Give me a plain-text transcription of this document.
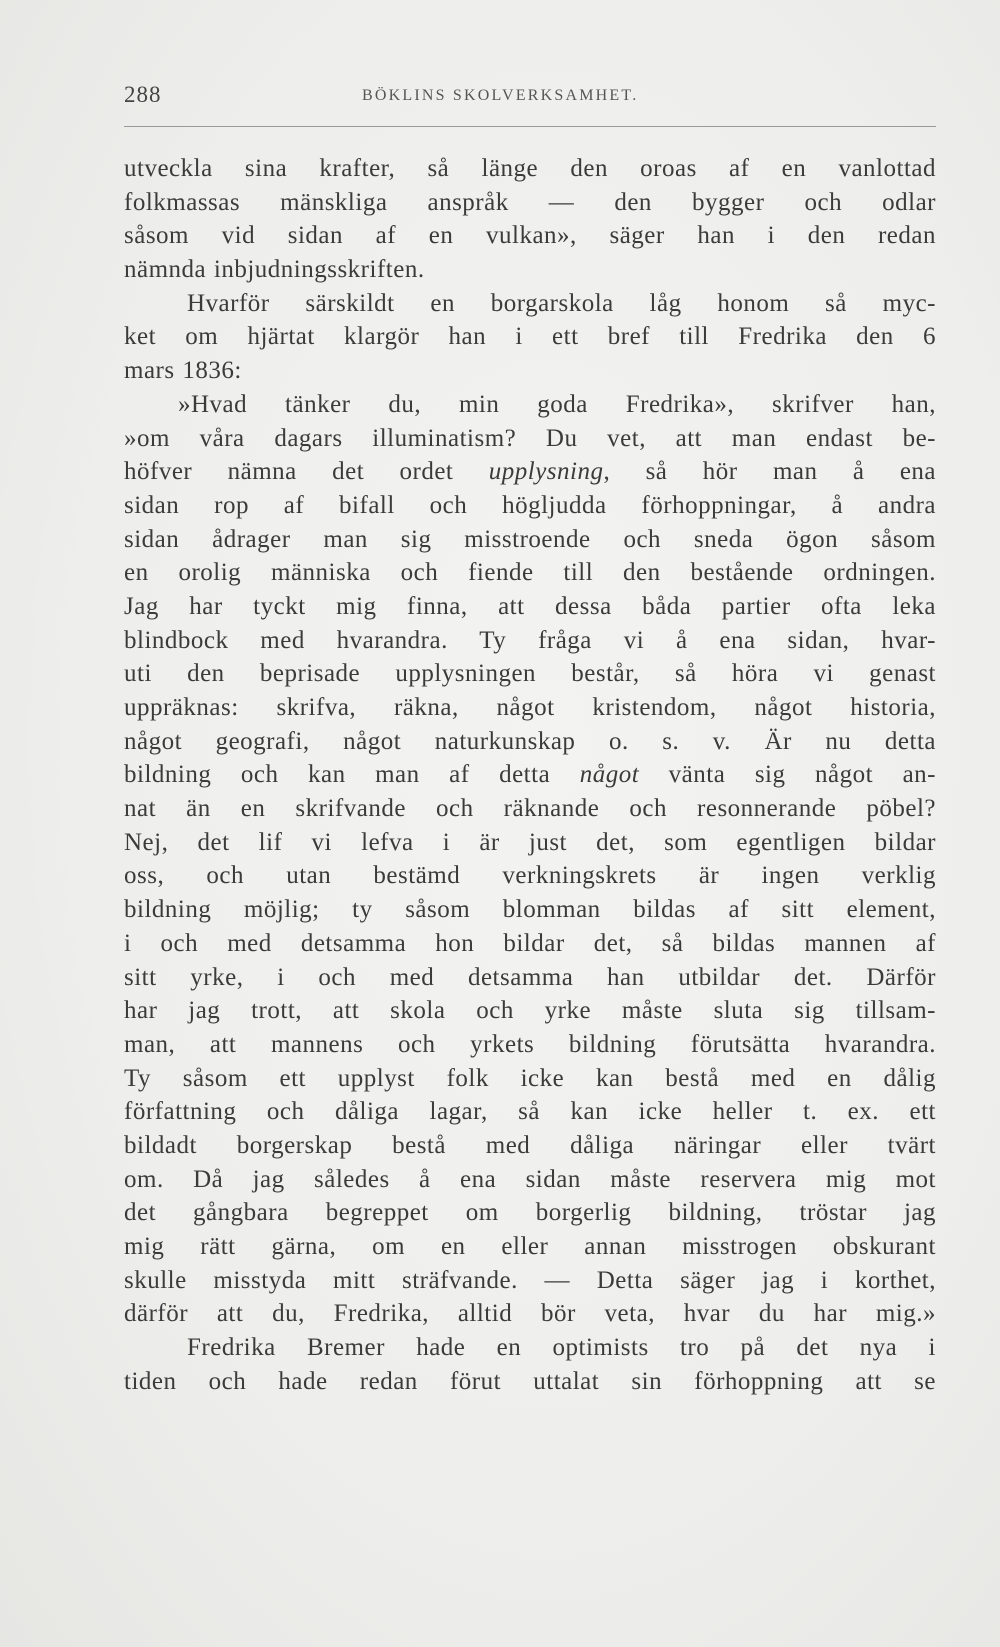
288	BÖKLINS SKOLVERKSAMHET.
utveckla sina krafter, så länge den oroas af en vanlottad
folkmassas mänskliga anspråk — den bygger och odlar
såsom vid sidan af en vulkan», säger han i den redan
nämnda inbjudningsskriften.
Hvarför särskildt en borgarskola låg honom så myc-
ket om hjärtat klargör han i ett bref till Fredrika den 6
mars 1836:
»Hvad tänker du, min goda Fredrika», skrifver han,
»om våra dagars illuminatism? Du vet, att man endast be-
höfver nämna det ordet upplysning, så hör man å ena
sidan rop af bifall och högljudda förhoppningar, å andra
sidan ådrager man sig misstroende och sneda ögon såsom
en orolig människa och fiende till den bestående ordningen.
Jag har tyckt mig finna, att dessa båda partier ofta leka
blindbock med hvarandra. Ty fråga vi å ena sidan, hvar-
uti den beprisade upplysningen består, så höra vi genast
uppräknas: skrifva, räkna, något kristendom, något historia,
något geografi, något naturkunskap o. s. v. Är nu detta
bildning och kan man af detta något vänta sig något an-
nat än en skrifvande och räknande och resonnerande pöbel?
Nej, det lif vi lefva i är just det, som egentligen bildar
oss, och utan bestämd verkningskrets är ingen verklig
bildning möjlig; ty såsom blomman bildas af sitt element,
i och med detsamma hon bildar det, så bildas mannen af
sitt yrke, i och med detsamma han utbildar det. Därför
har jag trott, att skola och yrke måste sluta sig tillsam-
man, att mannens och yrkets bildning förutsätta hvarandra.
Ty såsom ett upplyst folk icke kan bestå med en dålig
författning och dåliga lagar, så kan icke heller t. ex. ett
bildadt borgerskap bestå med dåliga näringar eller tvärt
om. Då jag således å ena sidan måste reservera mig mot
det gångbara begreppet om borgerlig bildning, tröstar jag
mig rätt gärna, om en eller annan misstrogen obskurant
skulle misstyda mitt sträfvande. — Detta säger jag i korthet,
därför att du, Fredrika, alltid bör veta, hvar du har mig.»
Fredrika Bremer hade en optimists tro på det nya i
tiden och hade redan förut uttalat sin förhoppning att se
